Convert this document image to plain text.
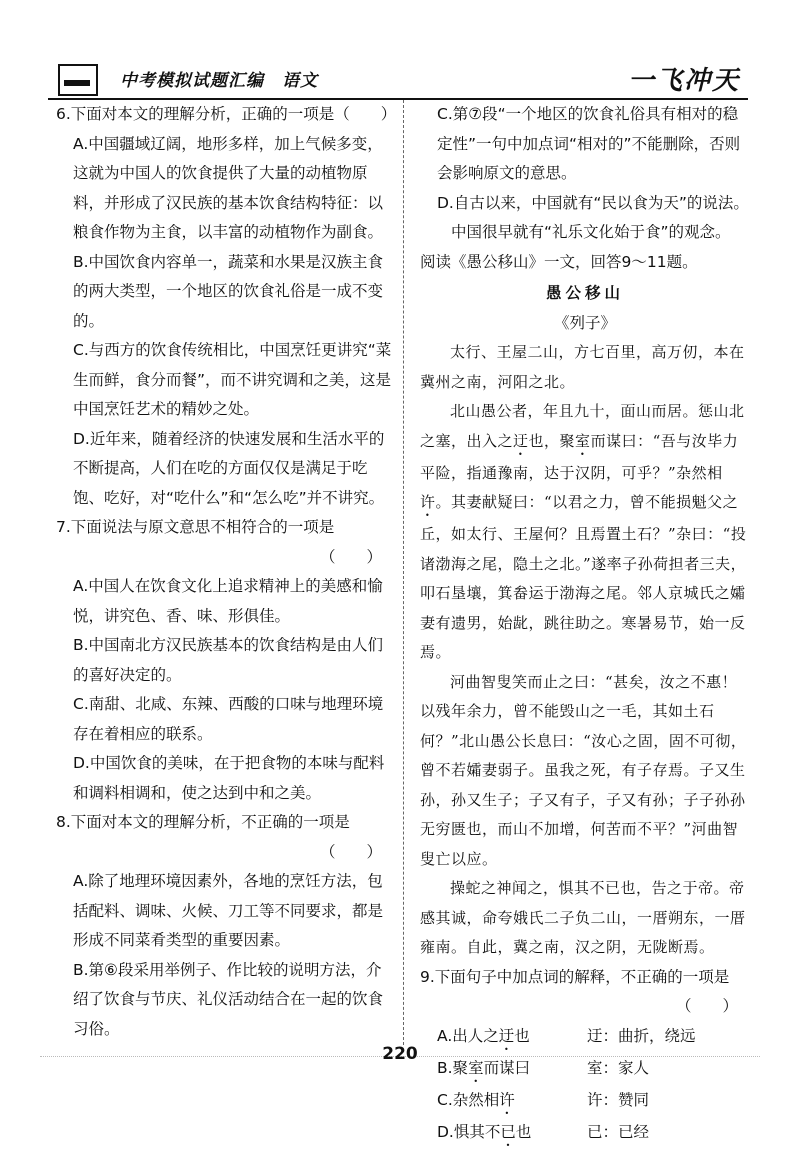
中考模拟试题汇编　语文	一飞冲天

6.下面对本文的理解分析，正确的一项是（　　）

A.中国疆域辽阔，地形多样，加上气候多变，这就为中国人的饮食提供了大量的动植物原料，并形成了汉民族的基本饮食结构特征：以粮食作物为主食，以丰富的动植物作为副食。

B.中国饮食内容单一，蔬菜和水果是汉族主食的两大类型，一个地区的饮食礼俗是一成不变的。

C.与西方的饮食传统相比，中国烹饪更讲究“菜生而鲜，食分而餐”，而不讲究调和之美，这是中国烹饪艺术的精妙之处。

D.近年来，随着经济的快速发展和生活水平的不断提高，人们在吃的方面仅仅是满足于吃饱、吃好，对“吃什么”和“怎么吃”并不讲究。

7.下面说法与原文意思不相符合的一项是

（　　）

A.中国人在饮食文化上追求精神上的美感和愉悦，讲究色、香、味、形俱佳。

B.中国南北方汉民族基本的饮食结构是由人们的喜好决定的。

C.南甜、北咸、东辣、西酸的口味与地理环境存在着相应的联系。

D.中国饮食的美味，在于把食物的本味与配料和调料相调和，使之达到中和之美。

8.下面对本文的理解分析，不正确的一项是

（　　）

A.除了地理环境因素外，各地的烹饪方法，包括配料、调味、火候、刀工等不同要求，都是形成不同菜肴类型的重要因素。

B.第⑥段采用举例子、作比较的说明方法，介绍了饮食与节庆、礼仪活动结合在一起的饮食习俗。

C.第⑦段“一个地区的饮食礼俗具有相对的稳定性”一句中加点词“相对的”不能删除，否则会影响原文的意思。

D.自古以来，中国就有“民以食为天”的说法。

中国很早就有“礼乐文化始于食”的观念。

阅读《愚公移山》一文，回答9～11题。

愚公移山

《列子》

太行、王屋二山，方七百里，高万仞，本在冀州之南，河阳之北。

北山愚公者，年且九十，面山而居。惩山北之塞，出入之迂也，聚室而谋曰：“吾与汝毕力平险，指通豫南，达于汉阴，可乎？”杂然相许。其妻献疑曰：“以君之力，曾不能损魁父之丘，如太行、王屋何？且焉置土石？”杂曰：“投诸渤海之尾，隐土之北。”遂率子孙荷担者三夫，叩石垦壤，箕畚运于渤海之尾。邻人京城氏之孀妻有遗男，始龀，跳往助之。寒暑易节，始一反焉。

河曲智叟笑而止之曰：“甚矣，汝之不惠！以残年余力，曾不能毁山之一毛，其如土石何？”北山愚公长息曰：“汝心之固，固不可彻，曾不若孀妻弱子。虽我之死，有子存焉。子又生孙，孙又生子；子又有子，子又有孙；子子孙孙无穷匮也，而山不加增，何苦而不平？”河曲智叟亡以应。

操蛇之神闻之，惧其不已也，告之于帝。帝感其诚，命夸娥氏二子负二山，一厝朔东，一厝雍南。自此，冀之南，汉之阴，无陇断焉。

9.下面句子中加点词的解释，不正确的一项是

（　　）

A.出人之迂也	迂：曲折，绕远
B.聚室而谋曰	室：家人
C.杂然相许	许：赞同
D.惧其不已也	已：已经
220
